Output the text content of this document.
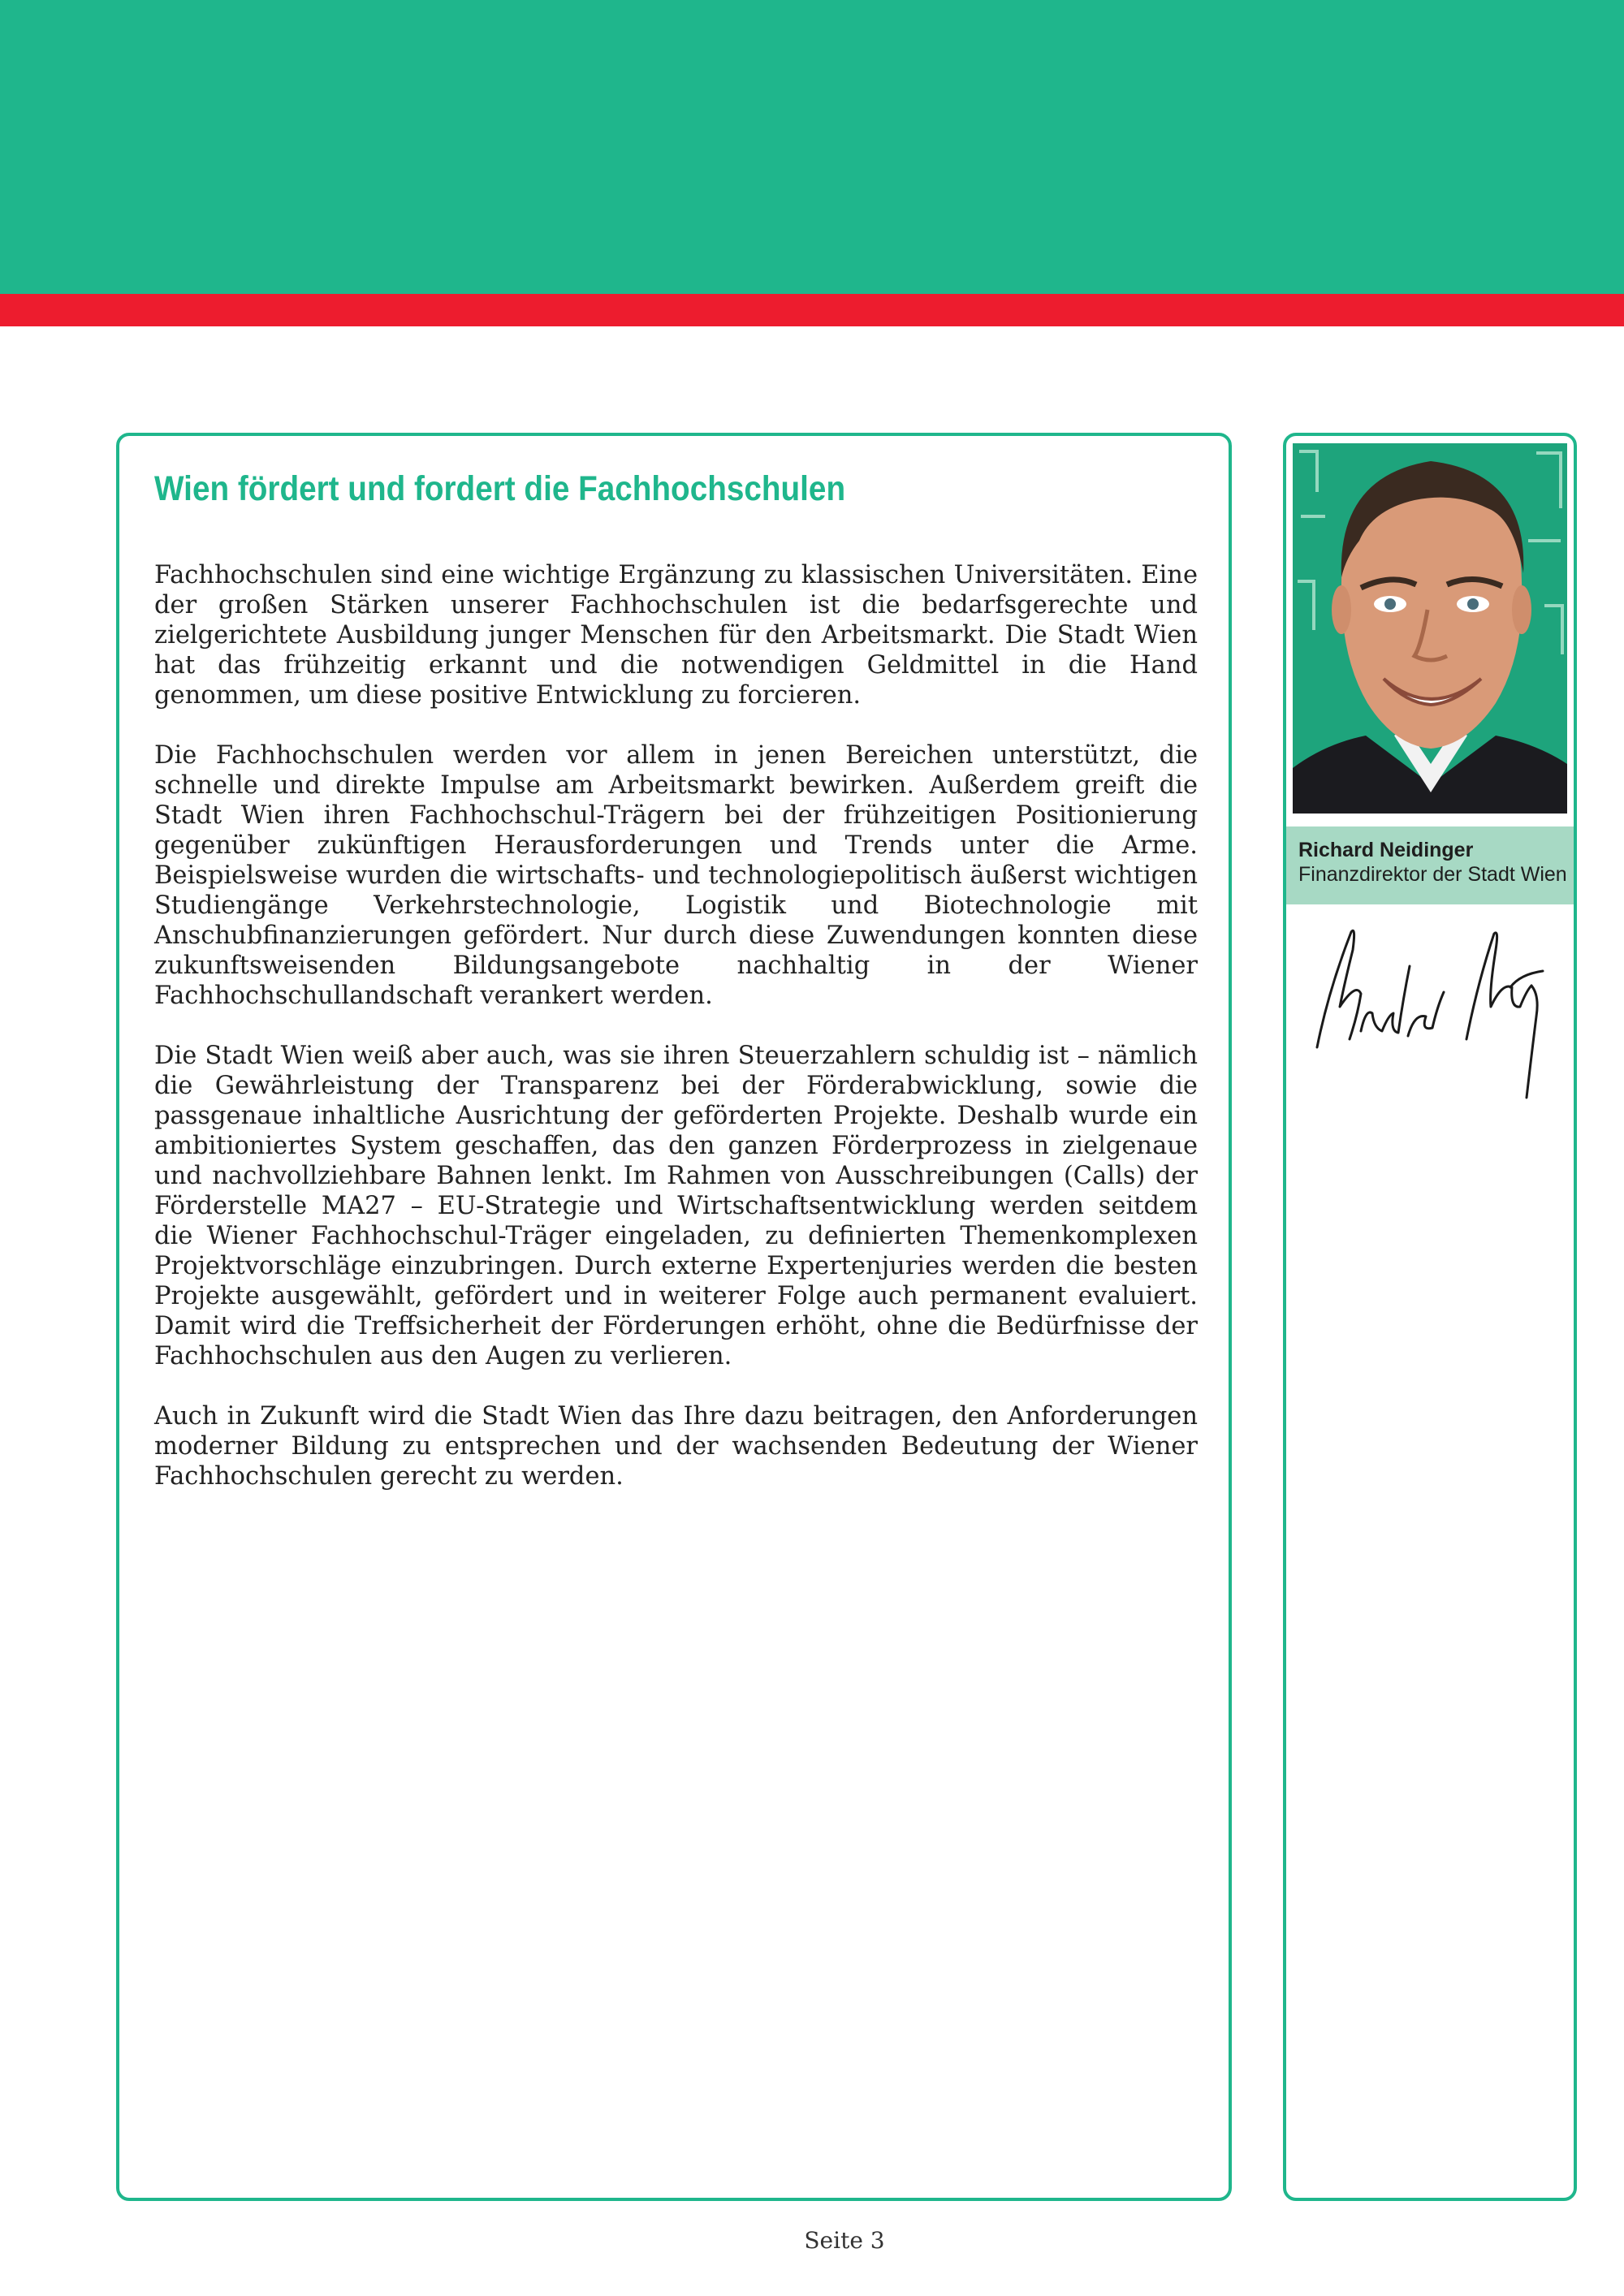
Wien fördert und fordert die Fachhochschulen

Fachhochschulen sind eine wichtige Ergänzung zu klassischen Universitäten. Eine der großen Stärken unserer Fachhochschulen ist die bedarfsgerechte und zielgerichtete Ausbildung junger Menschen für den Arbeitsmarkt. Die Stadt Wien hat das frühzeitig erkannt und die notwendigen Geldmittel in die Hand genommen, um diese positive Entwicklung zu forcieren.

Die Fachhochschulen werden vor allem in jenen Bereichen unterstützt, die schnelle und direkte Impulse am Arbeitsmarkt bewirken. Außerdem greift die Stadt Wien ihren Fachhochschul-Trägern bei der frühzeitigen Positionierung gegenüber zukünftigen Herausforderungen und Trends unter die Arme. Beispielsweise wurden die wirtschafts- und technologiepolitisch äußerst wichtigen Studiengänge Verkehrstechnologie, Logistik und Biotechnologie mit Anschubfinanzierungen gefördert. Nur durch diese Zuwendungen konnten diese zukunftsweisenden Bildungsangebote nachhaltig in der Wiener Fachhochschullandschaft verankert werden.

Die Stadt Wien weiß aber auch, was sie ihren Steuerzahlern schuldig ist – nämlich die Gewährleistung der Transparenz bei der Förderabwicklung, sowie die passgenaue inhaltliche Ausrichtung der geförderten Projekte. Deshalb wurde ein ambitioniertes System geschaffen, das den ganzen Förderprozess in zielgenaue und nachvollziehbare Bahnen lenkt. Im Rahmen von Ausschreibungen (Calls) der Förderstelle MA27 – EU-Strategie und Wirtschaftsentwicklung werden seitdem die Wiener Fachhochschul-Träger eingeladen, zu definierten Themenkomplexen Projektvorschläge einzubringen. Durch externe Expertenjuries werden die besten Projekte ausgewählt, gefördert und in weiterer Folge auch permanent evaluiert. Damit wird die Treffsicherheit der Förderungen erhöht, ohne die Bedürfnisse der Fachhochschulen aus den Augen zu verlieren.

Auch in Zukunft wird die Stadt Wien das Ihre dazu beitragen, den Anforderungen moderner Bildung zu entsprechen und der wachsenden Bedeutung der Wiener Fachhochschulen gerecht zu werden.

Richard Neidinger
Finanzdirektor der Stadt Wien
Seite 3
